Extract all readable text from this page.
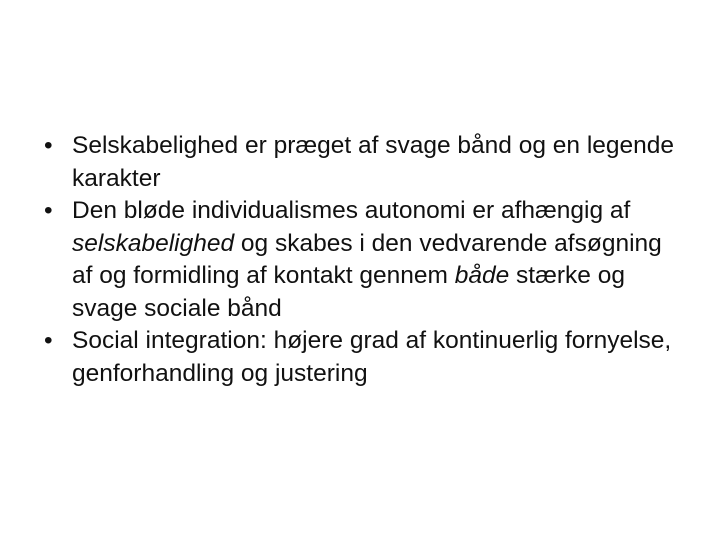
• Selskabelighed er præget af svage bånd og en legende karakter
• Den bløde individualismes autonomi er afhængig af selskabelighed og skabes i den vedvarende afsøgning af og formidling af kontakt gennem både stærke og svage sociale bånd
• Social integration: højere grad af kontinuerlig fornyelse, genforhandling og justering
